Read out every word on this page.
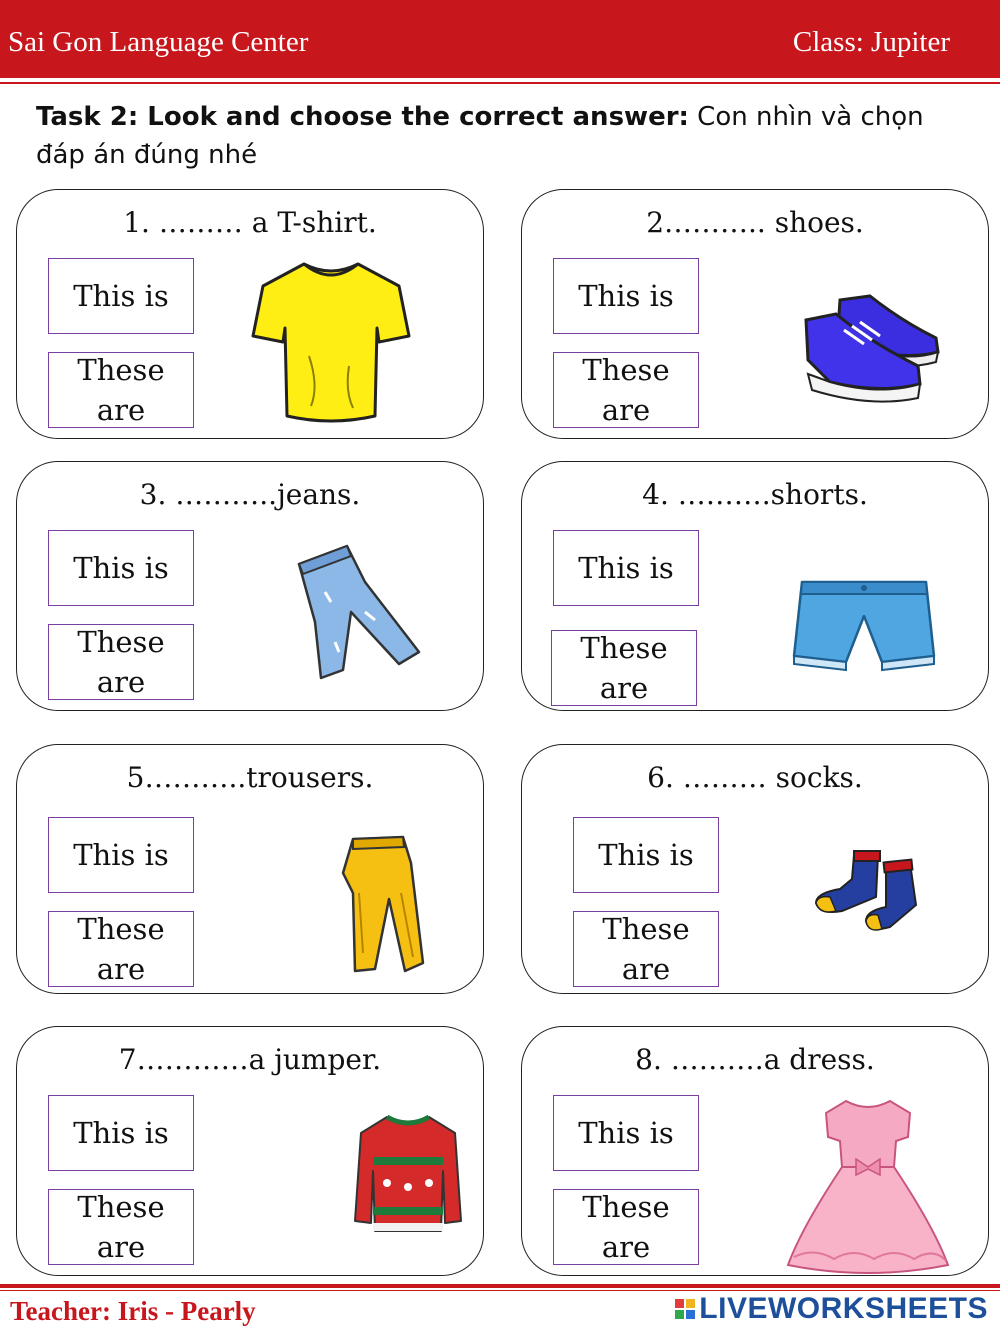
Sai Gon Language Center	Class: Jupiter
Task 2: Look and choose the correct answer: Con nhìn và chọn đáp án đúng nhé
1. ……… a T-shirt.
This is
These are
2……….. shoes.
This is
These are
3. ………..jeans.
This is
These are
4. ……….shorts.
This is
These are
5………..trousers.
This is
These are
6. ……… socks.
This is
These are
7…………a jumper.
This is
These are
8. ……….a dress.
This is
These are
Teacher: Iris - Pearly	LIVEWORKSHEETS
